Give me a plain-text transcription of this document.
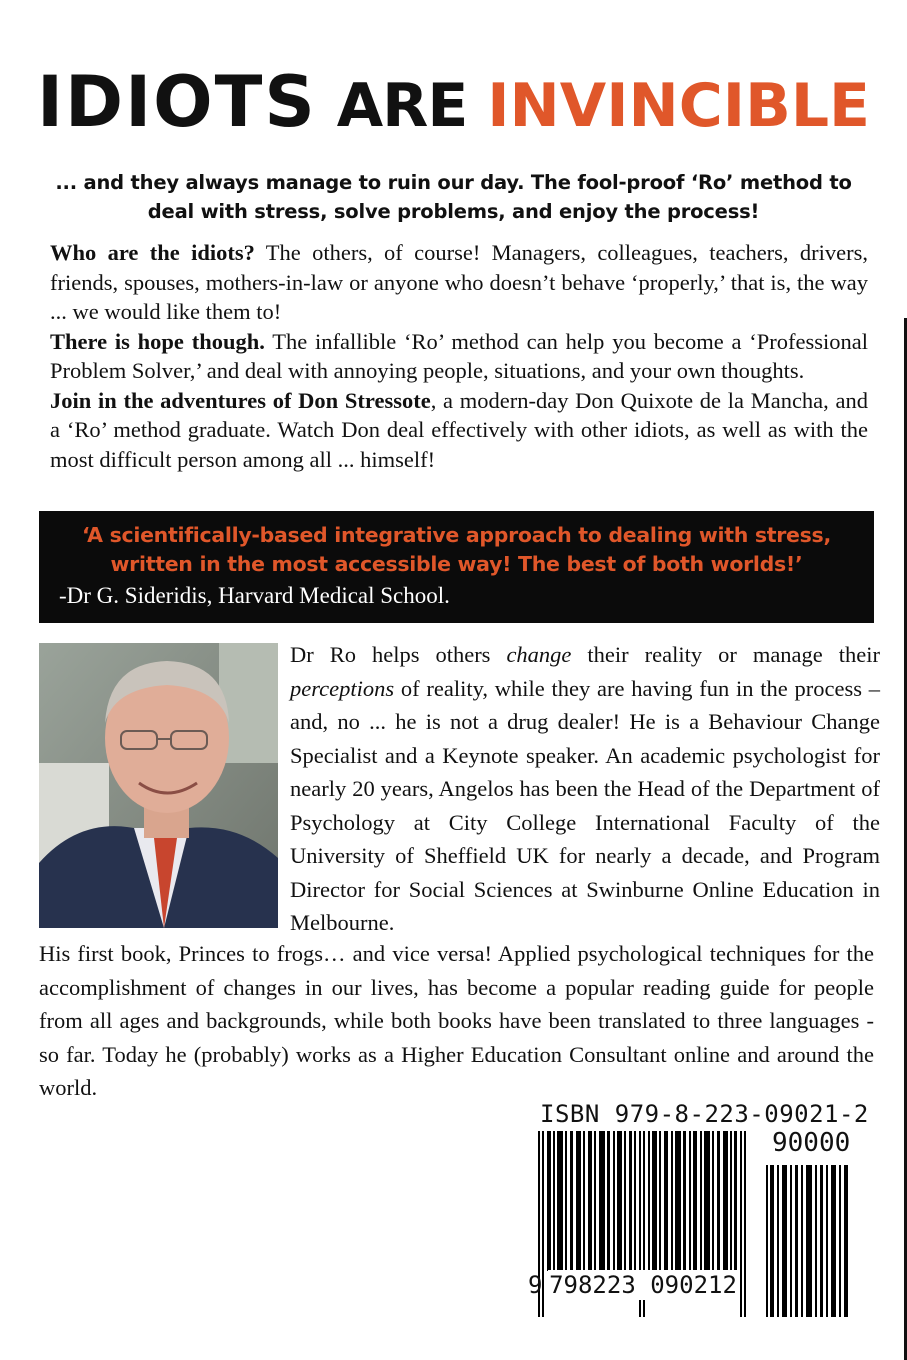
IDIOTS ARE INVINCIBLE
... and they always manage to ruin our day. The fool-proof ‘Ro’ method to deal with stress, solve problems, and enjoy the process!

Who are the idiots? The others, of course! Managers, colleagues, teachers, drivers, friends, spouses, mothers-in-law or anyone who doesn’t behave ‘properly,’ that is, the way ... we would like them to!

There is hope though. The infallible ‘Ro’ method can help you become a ‘Professional Problem Solver,’ and deal with annoying people, situations, and your own thoughts.

Join in the adventures of Don Stressote, a modern-day Don Quixote de la Mancha, and a ‘Ro’ method graduate. Watch Don deal effectively with other idiots, as well as with the most difficult person among all ... himself!

‘A scientifically-based integrative approach to dealing with stress, written in the most accessible way! The best of both worlds!’
-Dr G. Sideridis, Harvard Medical School.

Dr Ro helps others change their reality or manage their perceptions of reality, while they are having fun in the process – and, no ... he is not a drug dealer! He is a Behaviour Change Specialist and a Keynote speaker. An academic psychologist for nearly 20 years, Angelos has been the Head of the Department of Psychology at City College International Faculty of the University of Sheffield UK for nearly a decade, and Program Director for Social Sciences at Swinburne Online Education in Melbourne.

His first book, Princes to frogs… and vice versa! Applied psychological techniques for the accomplishment of changes in our lives, has become a popular reading guide for people from all ages and backgrounds, while both books have been translated to three languages - so far. Today he (probably) works as a Higher Education Consultant online and around the world.

ISBN 979-8-223-09021-2
90000
9 798223 090212
